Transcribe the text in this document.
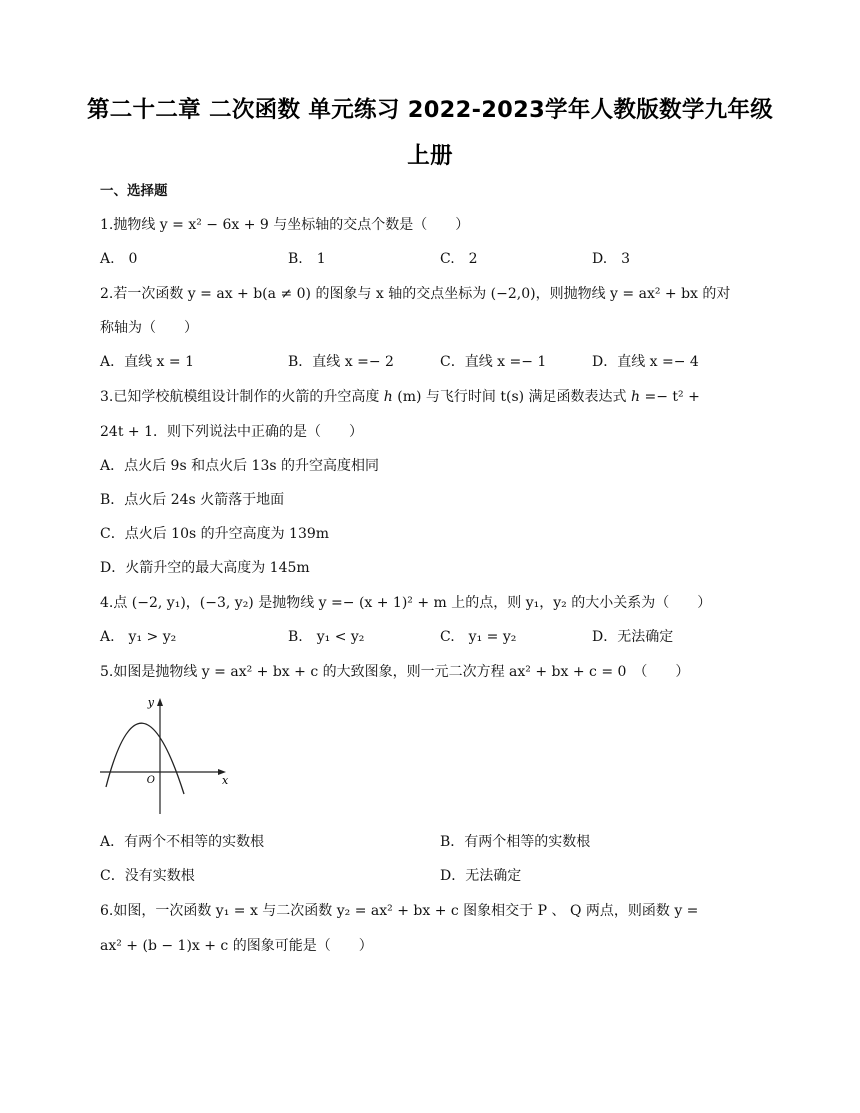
第二十二章 二次函数 单元练习 2022-2023学年人教版数学九年级
上册
一、选择题
1.抛物线 y = x² − 6x + 9 与坐标轴的交点个数是（　　）
A.　0	B.　1	C.　2	D.　3
2.若一次函数 y = ax + b(a ≠ 0) 的图象与 x 轴的交点坐标为 (−2,0)，则抛物线 y = ax² + bx 的对
称轴为（　　）
A．直线 x = 1	B．直线 x =− 2	C．直线 x =− 1	D．直线 x =− 4
3.已知学校航模组设计制作的火箭的升空高度 ℎ (m) 与飞行时间 t(s) 满足函数表达式 ℎ =− t² +
24t + 1．则下列说法中正确的是（　　）
A．点火后 9s 和点火后 13s 的升空高度相同
B．点火后 24s 火箭落于地面
C．点火后 10s 的升空高度为 139m
D．火箭升空的最大高度为 145m
4.点 (−2, y₁)，(−3, y₂) 是抛物线 y =− (x + 1)² + m 上的点，则 y₁，y₂ 的大小关系为（　　）
A.　y₁ > y₂	B.　y₁ < y₂	C.　y₁ = y₂	D．无法确定
5.如图是抛物线 y = ax² + bx + c 的大致图象，则一元二次方程 ax² + bx + c = 0　（　　）
y
x
O
A．有两个不相等的实数根	B．有两个相等的实数根
C．没有实数根	D．无法确定
6.如图，一次函数 y₁ = x 与二次函数 y₂ = ax² + bx + c 图象相交于 P 、 Q 两点，则函数 y =
ax² + (b − 1)x + c 的图象可能是（　　）
